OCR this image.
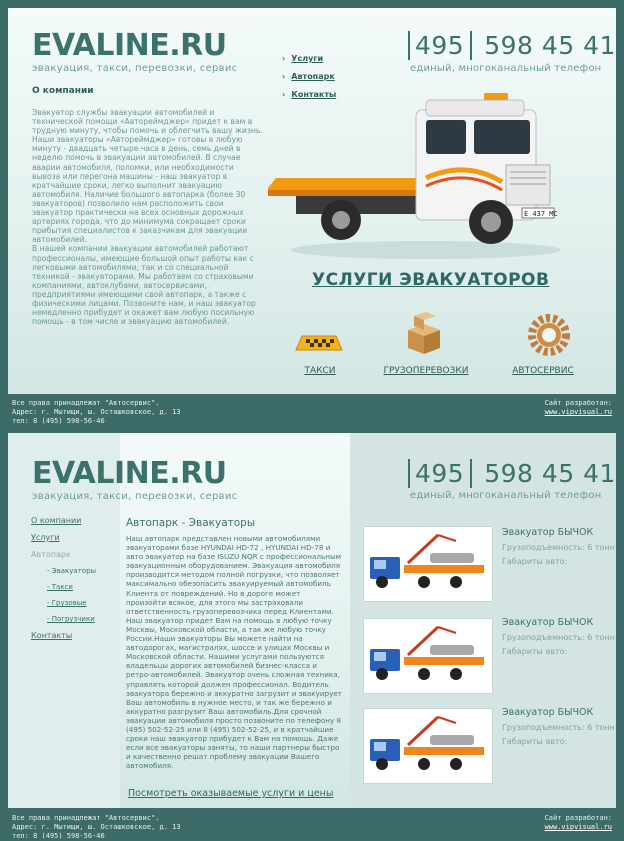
EVALINE.RU
эвакуация, такси, перевозки, сервис
495 598 45 41
единый, многоканальный телефон
› Услуги
› Автопарк
› Контакты
О компании
Эвакуатор службы эвакуации автомобилей и технической помощи «Автореймджер» придет к вам в трудную минуту, чтобы помочь и облегчить вашу жизнь. Наши эвакуаторы «Автореймджер» готовы в любую минуту - двадцать четыре часа в день, семь дней в неделю помочь в эвакуации автомобилей. В случае аварии автомобиля, поломки, или необходимости вывоза или перегона машины - наш эвакуатор в кратчайшие сроки, легко выполнит эвакуацию автомобиля. Наличие большого автопарка (более 30 эвакуаторов) позволило нам расположить свои эвакуатор практически на всех основных дорожных артериях города, что до минимума сокращает сроки прибытия специалистов к заказчикам для эвакуации автомобилей.
В нашей компании эвакуации автомобилей работают профессионалы, имеющие большой опыт работы как с легковыми автомобилями, так и со специальной техникой - эвакуаторами. Мы работаем со страховыми компаниями, автоклубами, автосервисами, предприятиями имеющими свой автопарк, а также с физическими лицами. Позвоните нам, и наш эвакуатор немедленно прибудет и окажет вам любую посильную помощь - в том числе и эвакуацию автомобилей.
Е 437 МС
УСЛУГИ ЭВАКУАТОРОВ
ТАКСИ	ГРУЗОПЕРЕВОЗКИ	АВТОСЕРВИС
Все права принадлежат "Автосервис".
Адрес: г. Мытищи, ш. Осташковское, д. 13
тел: 8 (495) 598-56-46
Сайт разработан:
www.vipvisual.ru
EVALINE.RU
эвакуация, такси, перевозки, сервис
495 598 45 41
единый, многоканальный телефон
О компании
Услуги
Автопарк
- Эвакуаторы
- Такси
- Грузовые
- Погрузчики
Контакты
Автопарк - Эвакуаторы
Наш автопарк представлен новыми автомобилями эвакуаторами базе HYUNDAI HD-72 , HYUNDAI HD-78 и авто эвакуатор на базе ISUZU NQR с профессиональным эвакуационным оборудованием. Эвакуация автомобиля производится методом полной погрузки, что позволяет максимально обезопасить эвакуируемый автомобиль Клиента от повреждений. Но в дороге может произойти всякое, для этого мы застраховали ответственность грузоперевозчика перед Клиентами. Наш эвакуатор придет Вам на помощь в любую точку Москвы, Московской области, а так же любую точку России.Наши эвакуаторы Вы можете найти на автодорогах, магистралях, шоссе и улицах Москвы и Московской области. Нашими услугами пользуются владельцы дорогих автомобилей бизнес-класса и ретро-автомобилей. Эвакуатор очень сложная техника, управлять которой должен профессионал. Водитель эвакуатора бережно и аккуратно загрузит и эвакуирует Ваш автомобиль в нужное место, и так же бережно и аккуратно разгрузит Ваш автомобиль.Для срочной эвакуации автомобиля просто позвоните по телефону 8 (495) 502-52-25 или 8 (495) 502-52-25, и в кратчайшие сроки наш эвакуатор прибудет к Вам на помощь. Даже если все эвакуаторы заняты, то наши партнеры быстро и качественно решат проблему эвакуации Вашего автомобиля.
Посмотреть оказываемые услуги и цены
Эвакуатор БЫЧОК
Грузоподъемность: 6 тонн
Габариты авто:
Эвакуатор БЫЧОК
Грузоподъемность: 6 тонн
Габариты авто:
Эвакуатор БЫЧОК
Грузоподъемность: 6 тонн
Габариты авто:
Все права принадлежат "Автосервис".
Адрес: г. Мытищи, ш. Осташковское, д. 13
тел: 8 (495) 598-56-46
Сайт разработан:
www.vipvisual.ru
